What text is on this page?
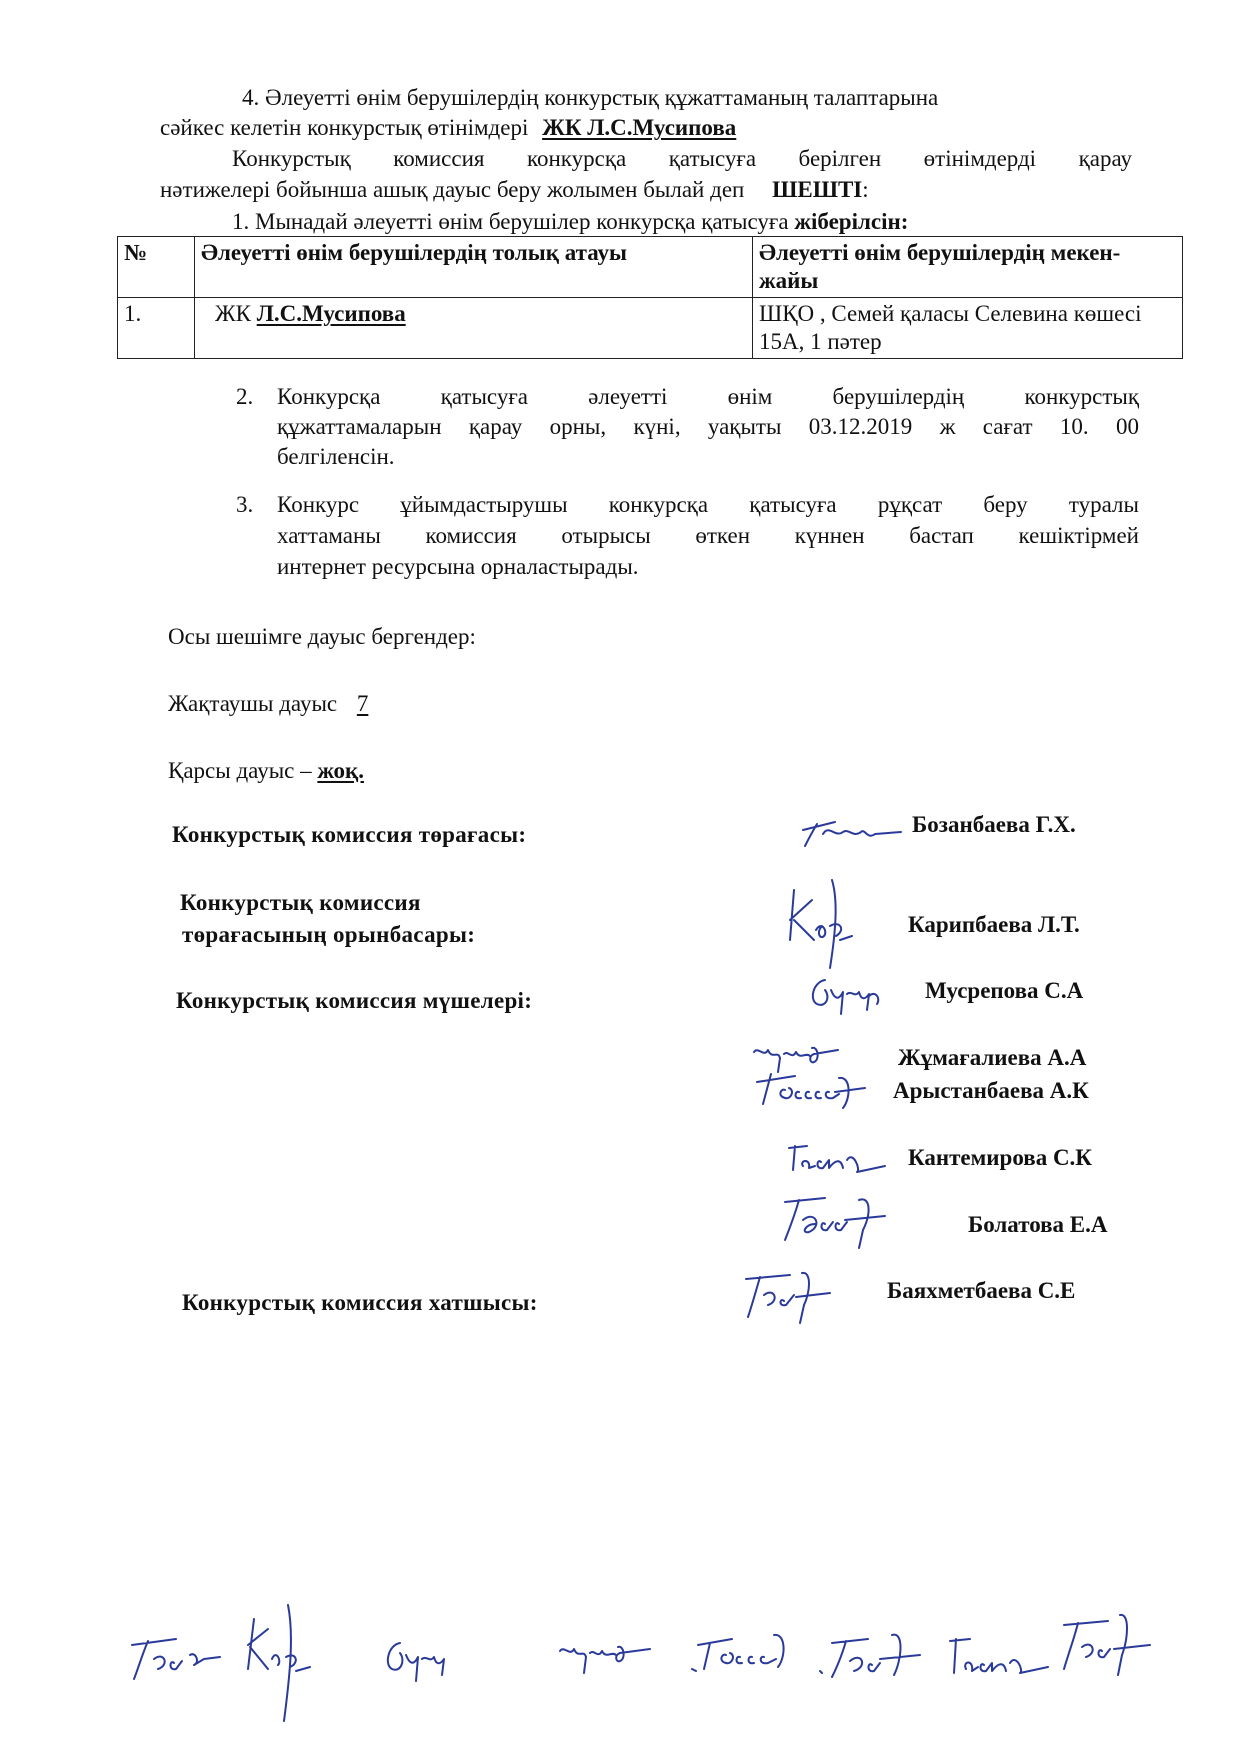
4. Әлеуетті өнім берушілердің конкурстық құжаттаманың талаптарына
сәйкес келетін конкурстық өтінімдері ЖК Л.С.Мусипова
Конкурстық комиссия конкурсқа қатысуға берілген өтінімдерді қарау
нәтижелері бойынша ашық дауыс беру жолымен былай деп ШЕШТІ:
1. Мынадай әлеуетті өнім берушілер конкурсқа қатысуға жіберілсін:
№	Әлеуетті өнім берушілердің толық атауы	Әлеуетті өнім берушілердің мекен-жайы
1.	ЖК Л.С.Мусипова	ШҚО , Семей қаласы Селевина көшесі 15А, 1 пәтер
2. Конкурсқа қатысуға әлеуетті өнім берушілердің конкурстық
құжаттамаларын қарау орны, күні, уақыты 03.12.2019 ж сағат 10. 00
белгіленсін.
3. Конкурс ұйымдастырушы конкурсқа қатысуға рұқсат беру туралы
хаттаманы комиссия отырысы өткен күннен бастап кешіктірмей
интернет ресурсына орналастырады.
Осы шешімге дауыс бергендер:
Жақтаушы дауыс 7
Қарсы дауыс – жоқ.
Конкурстық комиссия төрағасы:	Бозанбаева Г.Х.
Конкурстық комиссия
төрағасының орынбасары:	Карипбаева Л.Т.
Конкурстық комиссия мүшелері:	Мусрепова С.А
Жұмағалиева А.А
Арыстанбаева А.К
Кантемирова С.К
Болатова Е.А
Конкурстық комиссия хатшысы:	Баяхметбаева С.Е
